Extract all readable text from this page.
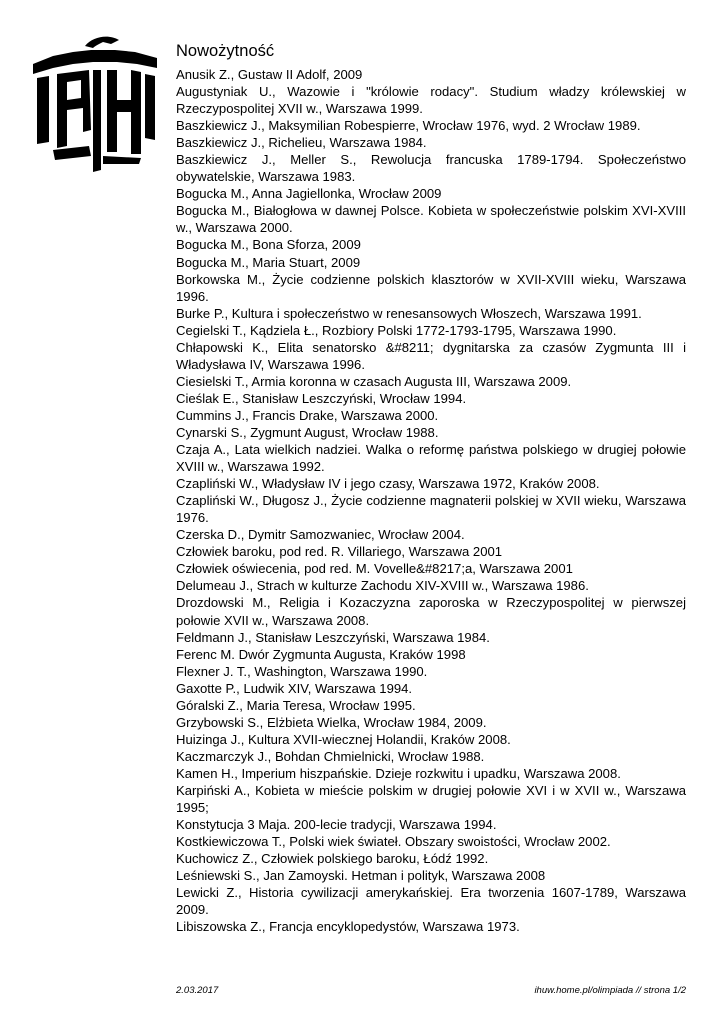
Nowożytność
Anusik Z., Gustaw II Adolf, 2009
Augustyniak U., Wazowie i "królowie rodacy". Studium władzy królewskiej w Rzeczypospolitej XVII w., Warszawa 1999.
Baszkiewicz J., Maksymilian Robespierre, Wrocław 1976, wyd. 2 Wrocław 1989.
Baszkiewicz J., Richelieu, Warszawa 1984.
Baszkiewicz J., Meller S., Rewolucja francuska 1789-1794. Społeczeństwo obywatelskie, Warszawa 1983.
Bogucka M., Anna Jagiellonka, Wrocław 2009
Bogucka M., Białogłowa w dawnej Polsce. Kobieta w społeczeństwie polskim XVI-XVIII w., Warszawa 2000.
Bogucka M., Bona Sforza, 2009
Bogucka M., Maria Stuart, 2009
Borkowska M., Życie codzienne polskich klasztorów w XVII-XVIII wieku, Warszawa 1996.
Burke P., Kultura i społeczeństwo w renesansowych Włoszech, Warszawa 1991.
Cegielski T., Kądziela Ł., Rozbiory Polski 1772-1793-1795, Warszawa 1990.
Chłapowski K., Elita senatorsko &#8211; dygnitarska za czasów Zygmunta III i Władysława IV, Warszawa 1996.
Ciesielski T., Armia koronna w czasach Augusta III, Warszawa 2009.
Cieślak E., Stanisław Leszczyński, Wrocław 1994.
Cummins J., Francis Drake, Warszawa 2000.
Cynarski S., Zygmunt August, Wrocław 1988.
Czaja A., Lata wielkich nadziei. Walka o reformę państwa polskiego w drugiej połowie XVIII w., Warszawa 1992.
Czapliński W., Władysław IV i jego czasy, Warszawa 1972, Kraków 2008.
Czapliński W., Długosz J., Życie codzienne magnaterii polskiej w XVII wieku, Warszawa 1976.
Czerska D., Dymitr Samozwaniec, Wrocław 2004.
Człowiek baroku, pod red. R. Villariego, Warszawa 2001
Człowiek oświecenia, pod red. M. Vovelle&#8217;a, Warszawa 2001
Delumeau J., Strach w kulturze Zachodu XIV-XVIII w., Warszawa 1986.
Drozdowski M., Religia i Kozaczyzna zaporoska w Rzeczypospolitej w pierwszej połowie XVII w., Warszawa 2008.
Feldmann J., Stanisław Leszczyński, Warszawa 1984.
Ferenc M. Dwór Zygmunta Augusta, Kraków 1998
Flexner J. T., Washington, Warszawa 1990.
Gaxotte P., Ludwik XIV, Warszawa 1994.
Góralski Z., Maria Teresa, Wrocław 1995.
Grzybowski S., Elżbieta Wielka, Wrocław 1984, 2009.
Huizinga J., Kultura XVII-wiecznej Holandii, Kraków 2008.
Kaczmarczyk J., Bohdan Chmielnicki, Wrocław 1988.
Kamen H., Imperium hiszpańskie. Dzieje rozkwitu i upadku, Warszawa 2008.
Karpiński A., Kobieta w mieście polskim w drugiej połowie XVI i w XVII w., Warszawa 1995;
Konstytucja 3 Maja. 200-lecie tradycji, Warszawa 1994.
Kostkiewiczowa T., Polski wiek świateł. Obszary swoistości, Wrocław 2002.
Kuchowicz Z., Człowiek polskiego baroku, Łódź 1992.
Leśniewski S., Jan Zamoyski. Hetman i polityk, Warszawa 2008
Lewicki Z., Historia cywilizacji amerykańskiej. Era tworzenia 1607-1789, Warszawa 2009.
Libiszowska Z., Francja encyklopedystów, Warszawa 1973.
2.03.2017	ihuw.home.pl/olimpiada // strona 1/2
